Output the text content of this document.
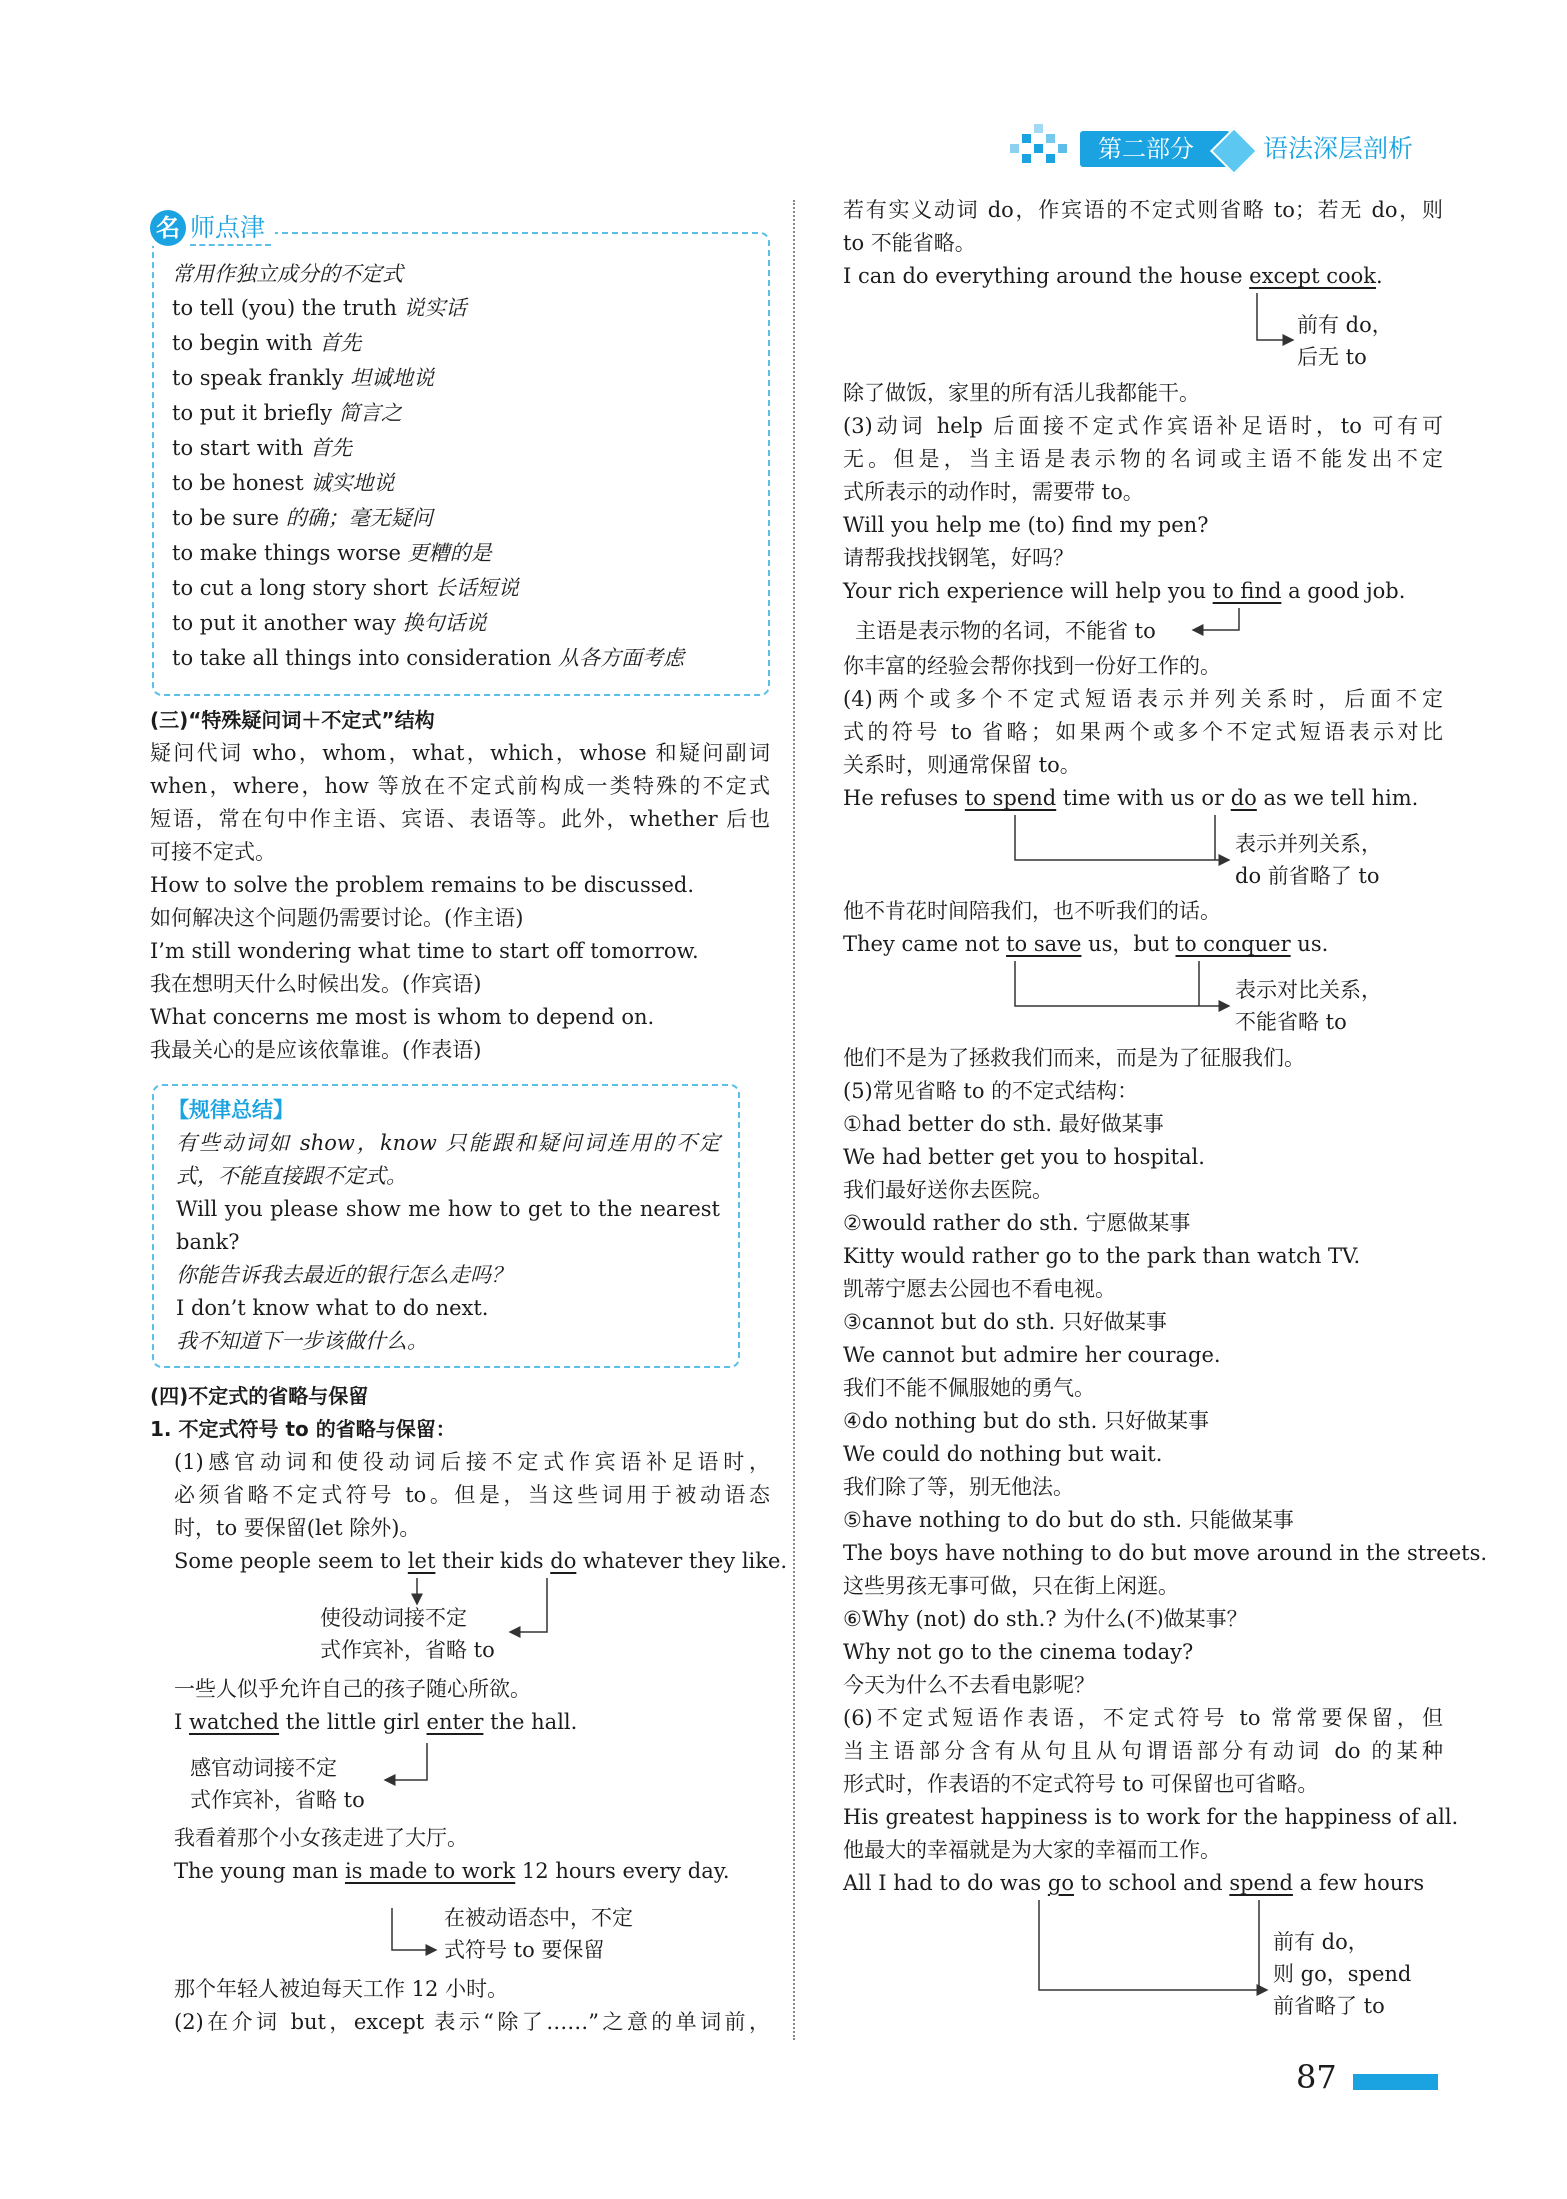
第二部分	语法深层剖析
名 师点津
常用作独立成分的不定式
to tell (you) the truth 说实话
to begin with 首先
to speak frankly 坦诚地说
to put it briefly 简言之
to start with 首先
to be honest 诚实地说
to be sure 的确；毫无疑问
to make things worse 更糟的是
to cut a long story short 长话短说
to put it another way 换句话说
to take all things into consideration 从各方面考虑
(三)“特殊疑问词＋不定式”结构
疑问代词 who，whom，what，which，whose 和疑问副词
when，where，how 等放在不定式前构成一类特殊的不定式
短语，常在句中作主语、宾语、表语等。此外，whether 后也
可接不定式。
How to solve the problem remains to be discussed.
如何解决这个问题仍需要讨论。(作主语)
I’m still wondering what time to start off tomorrow.
我在想明天什么时候出发。(作宾语)
What concerns me most is whom to depend on.
我最关心的是应该依靠谁。(作表语)
【规律总结】
有些动词如 show，know 只能跟和疑问词连用的不定
式，不能直接跟不定式。
Will you please show me how to get to the nearest
bank?
你能告诉我去最近的银行怎么走吗？
I don’t know what to do next.
我不知道下一步该做什么。
(四)不定式的省略与保留
1. 不定式符号 to 的省略与保留：
(1)感官动词和使役动词后接不定式作宾语补足语时，
必须省略不定式符号 to。但是，当这些词用于被动语态
时，to 要保留(let 除外)。
Some people seem to let their kids do whatever they like.
使役动词接不定
式作宾补，省略 to
一些人似乎允许自己的孩子随心所欲。
I watched the little girl enter the hall.
感官动词接不定
式作宾补，省略 to
我看着那个小女孩走进了大厅。
The young man is made to work 12 hours every day.
在被动语态中，不定
式符号 to 要保留
那个年轻人被迫每天工作 12 小时。
(2)在介词 but，except 表示“除了……”之意的单词前，
若有实义动词 do，作宾语的不定式则省略 to；若无 do，则
to 不能省略。
I can do everything around the house except cook.
前有 do，
后无 to
除了做饭，家里的所有活儿我都能干。
(3)动词 help 后面接不定式作宾语补足语时，to 可有可
无。但是，当主语是表示物的名词或主语不能发出不定
式所表示的动作时，需要带 to。
Will you help me (to) find my pen?
请帮我找找钢笔，好吗？
Your rich experience will help you to find a good job.
主语是表示物的名词，不能省 to
你丰富的经验会帮你找到一份好工作的。
(4)两个或多个不定式短语表示并列关系时，后面不定
式的符号 to 省略；如果两个或多个不定式短语表示对比
关系时，则通常保留 to。
He refuses to spend time with us or do as we tell him.
表示并列关系，
do 前省略了 to
他不肯花时间陪我们，也不听我们的话。
They came not to save us，but to conquer us.
表示对比关系，
不能省略 to
他们不是为了拯救我们而来，而是为了征服我们。
(5)常见省略 to 的不定式结构：
①had better do sth. 最好做某事
We had better get you to hospital.
我们最好送你去医院。
②would rather do sth. 宁愿做某事
Kitty would rather go to the park than watch TV.
凯蒂宁愿去公园也不看电视。
③cannot but do sth. 只好做某事
We cannot but admire her courage.
我们不能不佩服她的勇气。
④do nothing but do sth. 只好做某事
We could do nothing but wait.
我们除了等，别无他法。
⑤have nothing to do but do sth. 只能做某事
The boys have nothing to do but move around in the streets.
这些男孩无事可做，只在街上闲逛。
⑥Why (not) do sth.? 为什么(不)做某事？
Why not go to the cinema today?
今天为什么不去看电影呢？
(6)不定式短语作表语，不定式符号 to 常常要保留，但
当主语部分含有从句且从句谓语部分有动词 do 的某种
形式时，作表语的不定式符号 to 可保留也可省略。
His greatest happiness is to work for the happiness of all.
他最大的幸福就是为大家的幸福而工作。
All I had to do was go to school and spend a few hours
前有 do，
则 go，spend
前省略了 to
87
